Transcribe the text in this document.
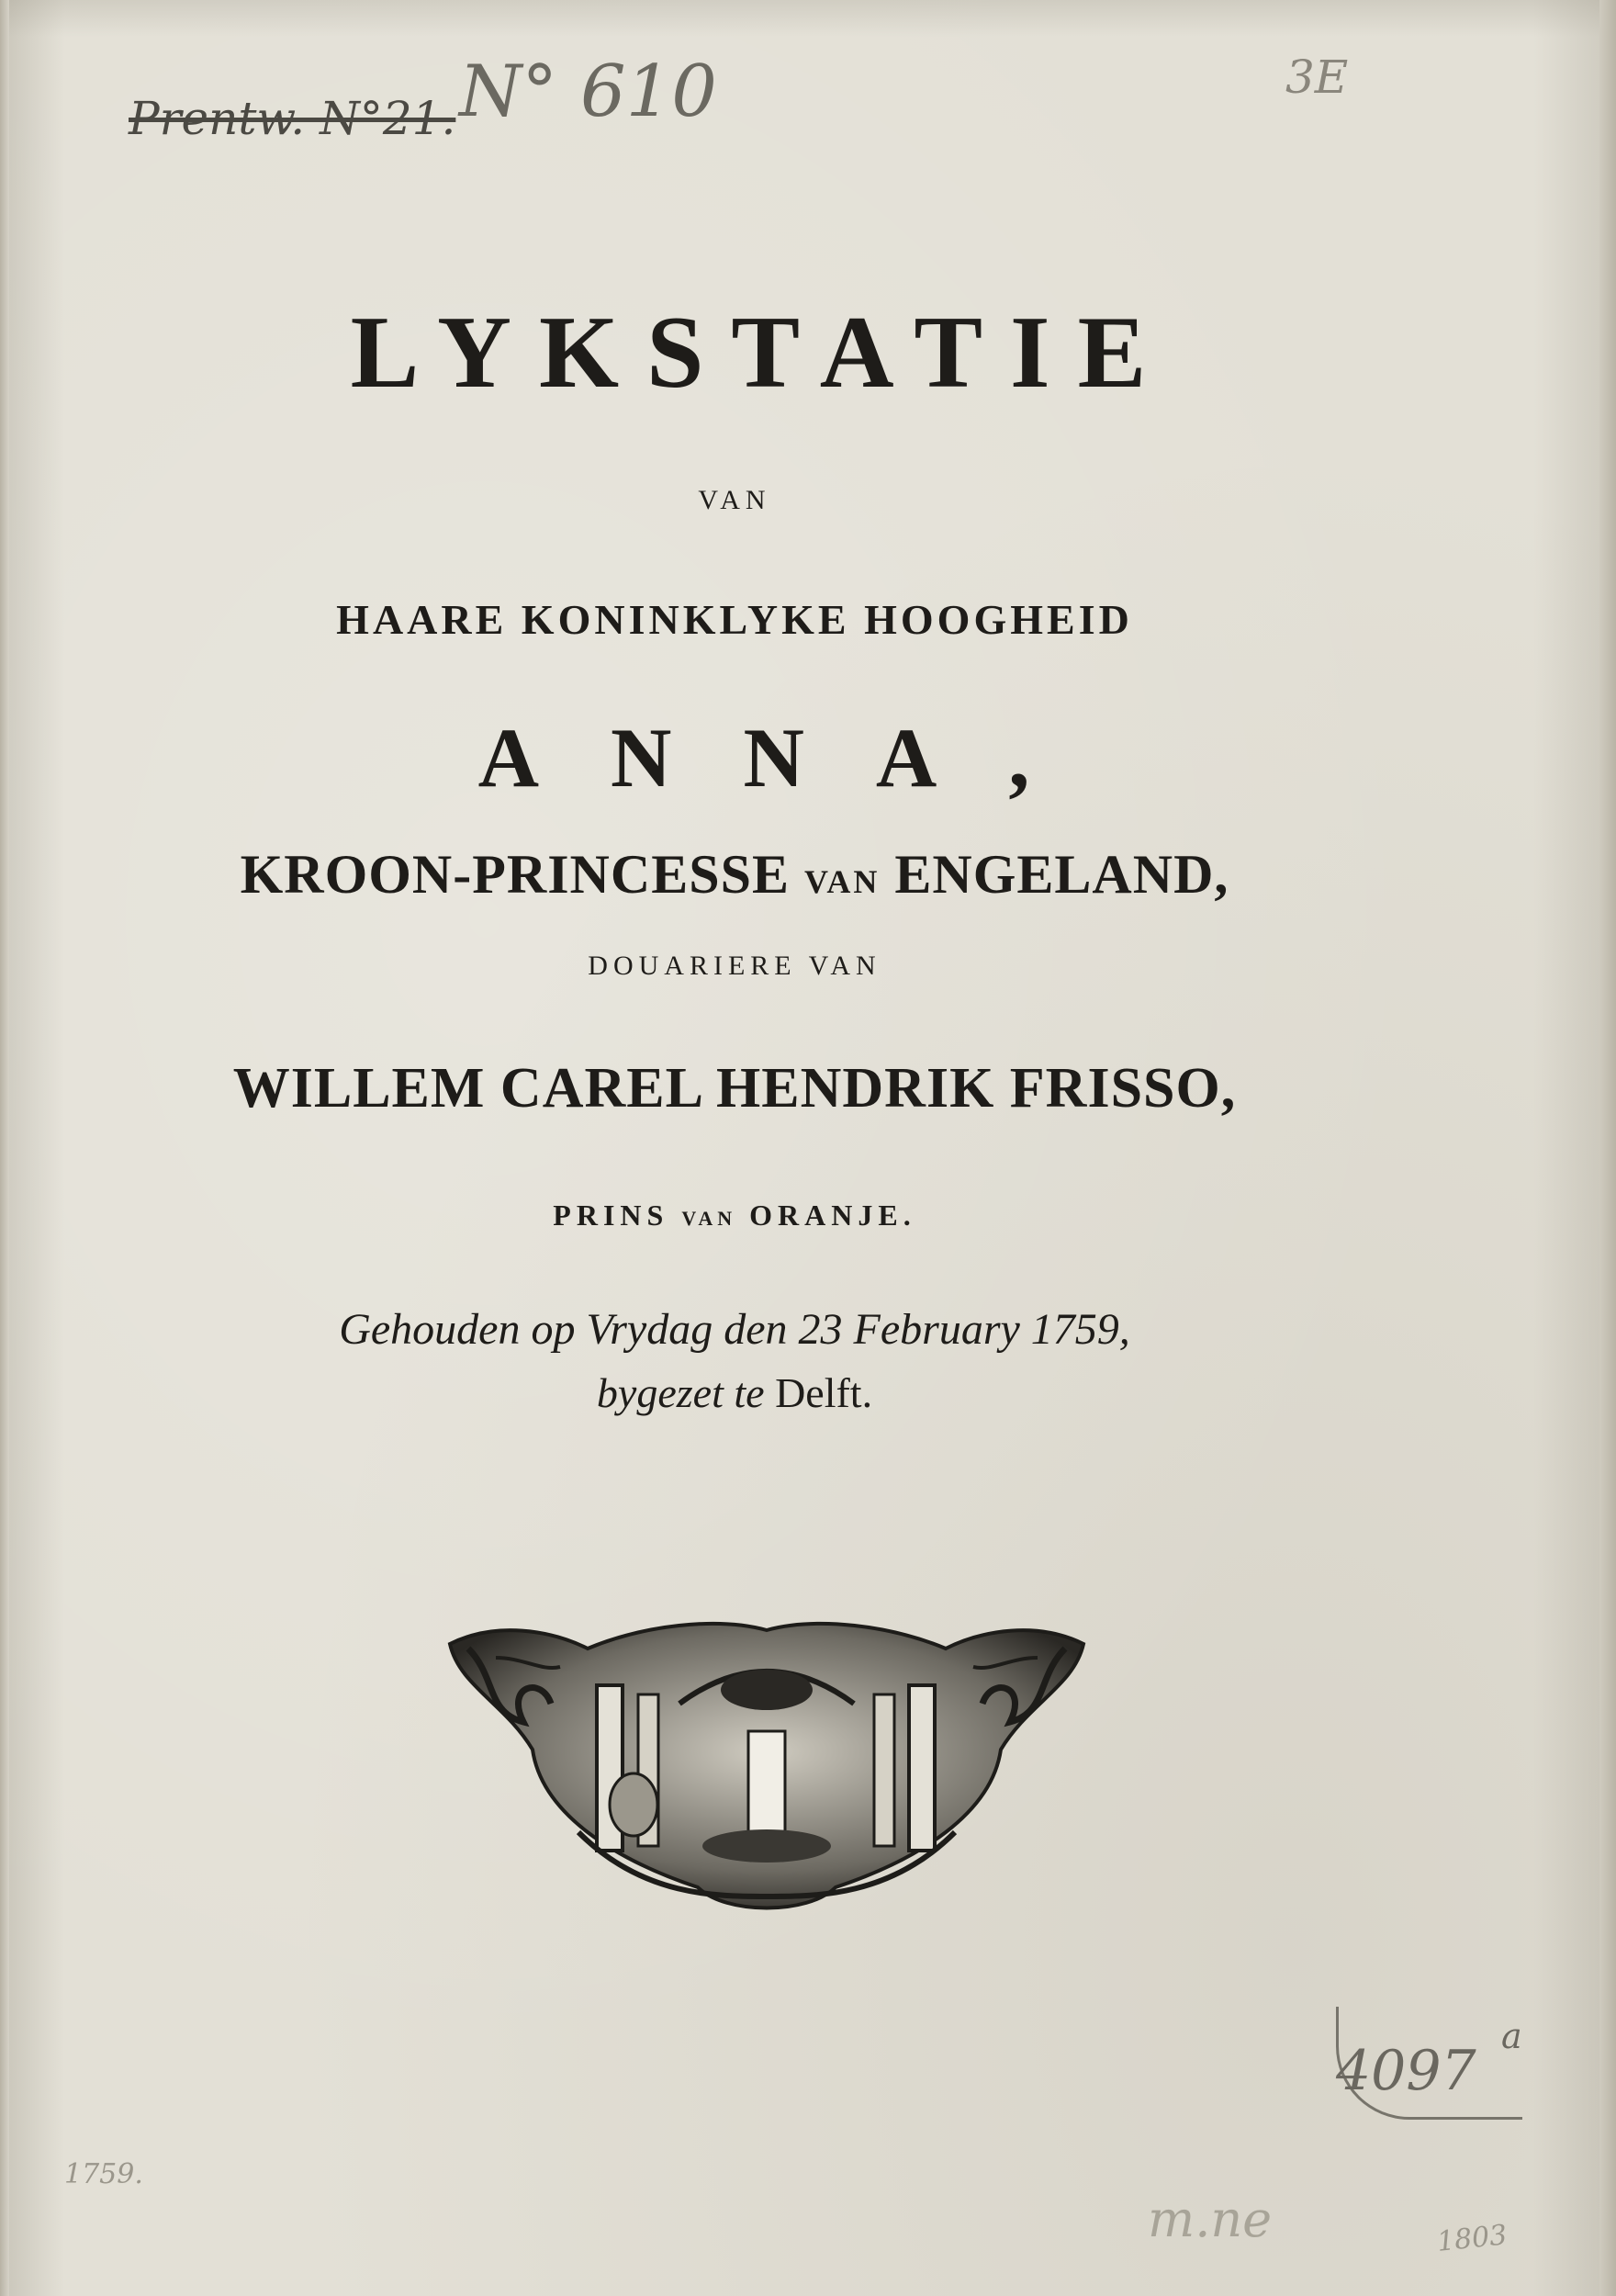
Prentw. N°21. N° 610	3E
LYKSTATIE
VAN
HAARE KONINKLYKE HOOGHEID
ANNA,
KROON-PRINCESSE VAN ENGELAND,
DOUARIERE VAN
WILLEM CAREL HENDRIK FRISSO,
PRINS VAN ORANJE.
Gehouden op Vrydag den 23 February 1759,
bygezet te Delft.
4097
a
1759.
m.ne	1803
